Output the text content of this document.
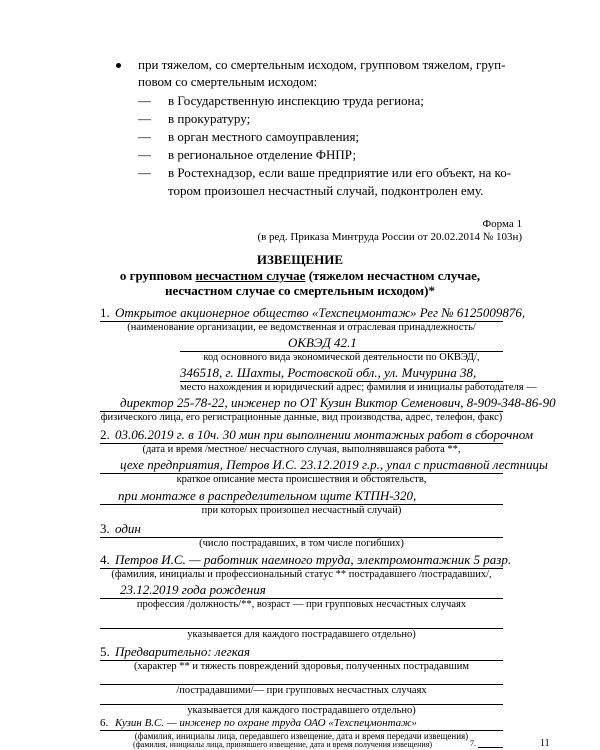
при тяжелом, со смертельным исходом, групповом тяжелом, груп-
повом со смертельным исходом:
— в Государственную инспекцию труда региона;
— в прокуратуру;
— в орган местного самоуправления;
— в региональное отделение ФНПР;
— в Ростехнадзор, если ваше предприятие или его объект, на ко-
тором произошел несчастный случай, подконтролен ему.
Форма 1
(в ред. Приказа Минтруда России от 20.02.2014 № 103н)
ИЗВЕЩЕНИЕ
о групповом несчастном случае (тяжелом несчастном случае,
несчастном случае со смертельным исходом)*
1. Открытое акционерное общество «Техспецмонтаж» Рег № 6125009876,
(наименование организации, ее ведомственная и отраслевая принадлежность/
ОКВЭД 42.1
код основного вида экономической деятельности по ОКВЭД/,
346518, г. Шахты, Ростовской обл., ул. Мичурина 38,
место нахождения и юридический адрес; фамилия и инициалы работодателя —
директор 25-78-22, инженер по ОТ Кузин Виктор Семенович, 8-909-348-86-90
физического лица, его регистрационные данные, вид производства, адрес, телефон, факс)
2. 03.06.2019 г. в 10ч. 30 мин при выполнении монтажных работ в сборочном
(дата и время /местное/ несчастного случая, выполнявшаяся работа **,
цехе предприятия, Петров И.С. 23.12.2019 г.р., упал с приставной лестницы
краткое описание места происшествия и обстоятельств,
при монтаже в распределительном щите КТПН-320,
при которых произошел несчастный случай)
3. один
(число пострадавших, в том числе погибших)
4. Петров И.С. — работник наемного труда, электромонтажник 5 разр.
(фамилия, инициалы и профессиональный статус ** пострадавшего /пострадавших/,
23.12.2019 года рождения
профессия /должность/**, возраст — при групповых несчастных случаях
указывается для каждого пострадавшего отдельно)
5. Предварительно: легкая
(характер ** и тяжесть повреждений здоровья, полученных пострадавшим
/пострадавшими/— при групповых несчастных случаях
указывается для каждого пострадавшего отдельно)
6. Кузин В.С. — инженер по охране труда ОАО «Техспецмонтаж»
(фамилия, инициалы лица, передавшего извещение, дата и время передачи извещения)
7.
(фамилия, инициалы лица, принявшего извещение, дата и время получения извещения)	11
